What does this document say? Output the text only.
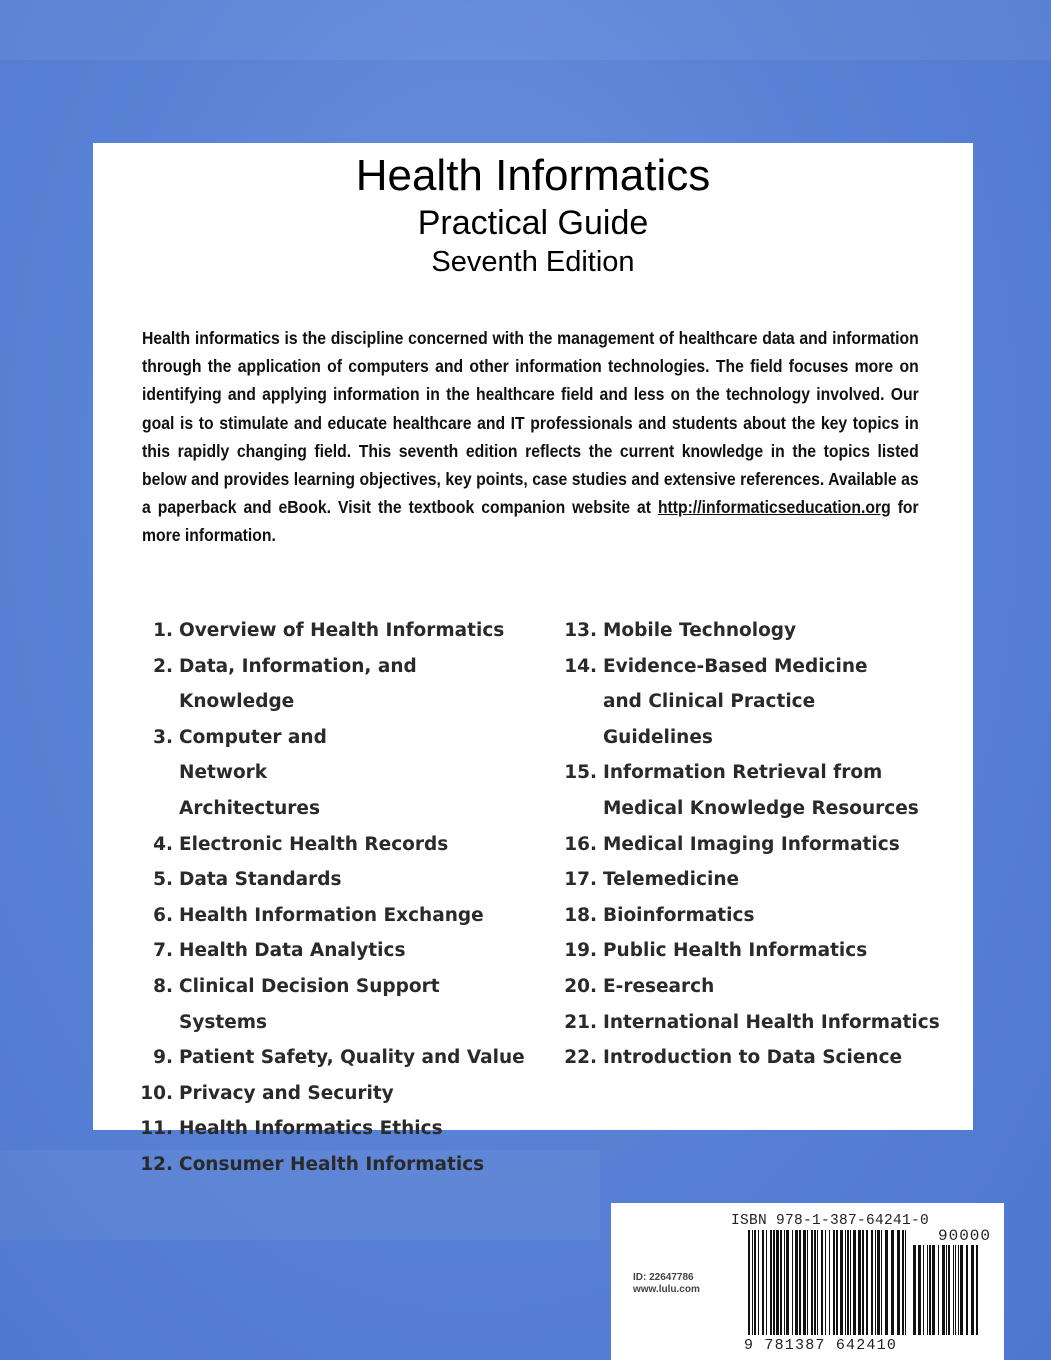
Health Informatics
Practical Guide
Seventh Edition
Health informatics is the discipline concerned with the management of healthcare data and information through the application of computers and other information technologies. The field focuses more on identifying and applying information in the healthcare field and less on the technology involved. Our goal is to stimulate and educate healthcare and IT professionals and students about the key topics in this rapidly changing field. This seventh edition reflects the current knowledge in the topics listed below and provides learning objectives, key points, case studies and extensive references. Available as a paperback and eBook. Visit the textbook companion website at http://informaticseducation.org for more information.
1. Overview of Health Informatics
2. Data, Information, and Knowledge
3. Computer and Network Architectures
4. Electronic Health Records
5. Data Standards
6. Health Information Exchange
7. Health Data Analytics
8. Clinical Decision Support Systems
9. Patient Safety, Quality and Value
10. Privacy and Security
11. Health Informatics Ethics
12. Consumer Health Informatics
13. Mobile Technology
14. Evidence-Based Medicine and Clinical Practice Guidelines
15. Information Retrieval from Medical Knowledge Resources
16. Medical Imaging Informatics
17. Telemedicine
18. Bioinformatics
19. Public Health Informatics
20. E-research
21. International Health Informatics
22. Introduction to Data Science
ISBN 978-1-387-64241-0
90000
ID: 22647786
www.lulu.com
9 781387 642410
